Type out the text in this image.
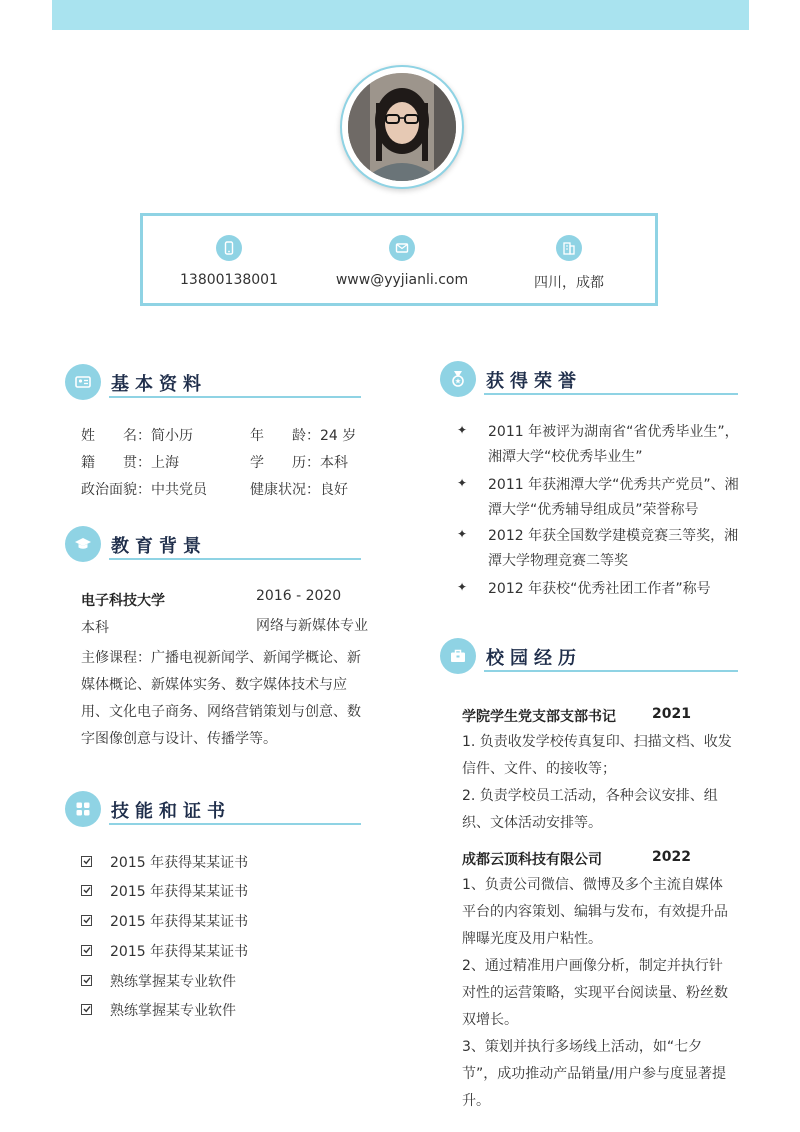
13800138001	www@yyjianli.com	四川，成都
基本资料
姓　　名：简小历	年　　龄：24 岁
籍　　贯：上海	学　　历：本科
政治面貌：中共党员	健康状况：良好
教育背景
电子科技大学	2016 - 2020
本科	网络与新媒体专业
主修课程：广播电视新闻学、新闻学概论、新媒体概论、新媒体实务、数字媒体技术与应用、文化电子商务、网络营销策划与创意、数字图像创意与设计、传播学等。
技能和证书
2015 年获得某某证书
2015 年获得某某证书
2015 年获得某某证书
2015 年获得某某证书
熟练掌握某专业软件
熟练掌握某专业软件
获得荣誉
✦ 2011 年被评为湖南省“省优秀毕业生”，湘潭大学“校优秀毕业生”
✦ 2011 年获湘潭大学“优秀共产党员”、湘潭大学“优秀辅导组成员”荣誉称号
✦ 2012 年获全国数学建模竞赛三等奖，湘潭大学物理竞赛二等奖
✦ 2012 年获校“优秀社团工作者”称号
校园经历
学院学生党支部支部书记	2021
1. 负责收发学校传真复印、扫描文档、收发信件、文件、的接收等；
2. 负责学校员工活动，各种会议安排、组织、文体活动安排等。
成都云顶科技有限公司	2022
1、负责公司微信、微博及多个主流自媒体平台的内容策划、编辑与发布，有效提升品牌曝光度及用户粘性。
2、通过精准用户画像分析，制定并执行针对性的运营策略，实现平台阅读量、粉丝数双增长。
3、策划并执行多场线上活动，如“七夕节”，成功推动产品销量/用户参与度显著提升。
